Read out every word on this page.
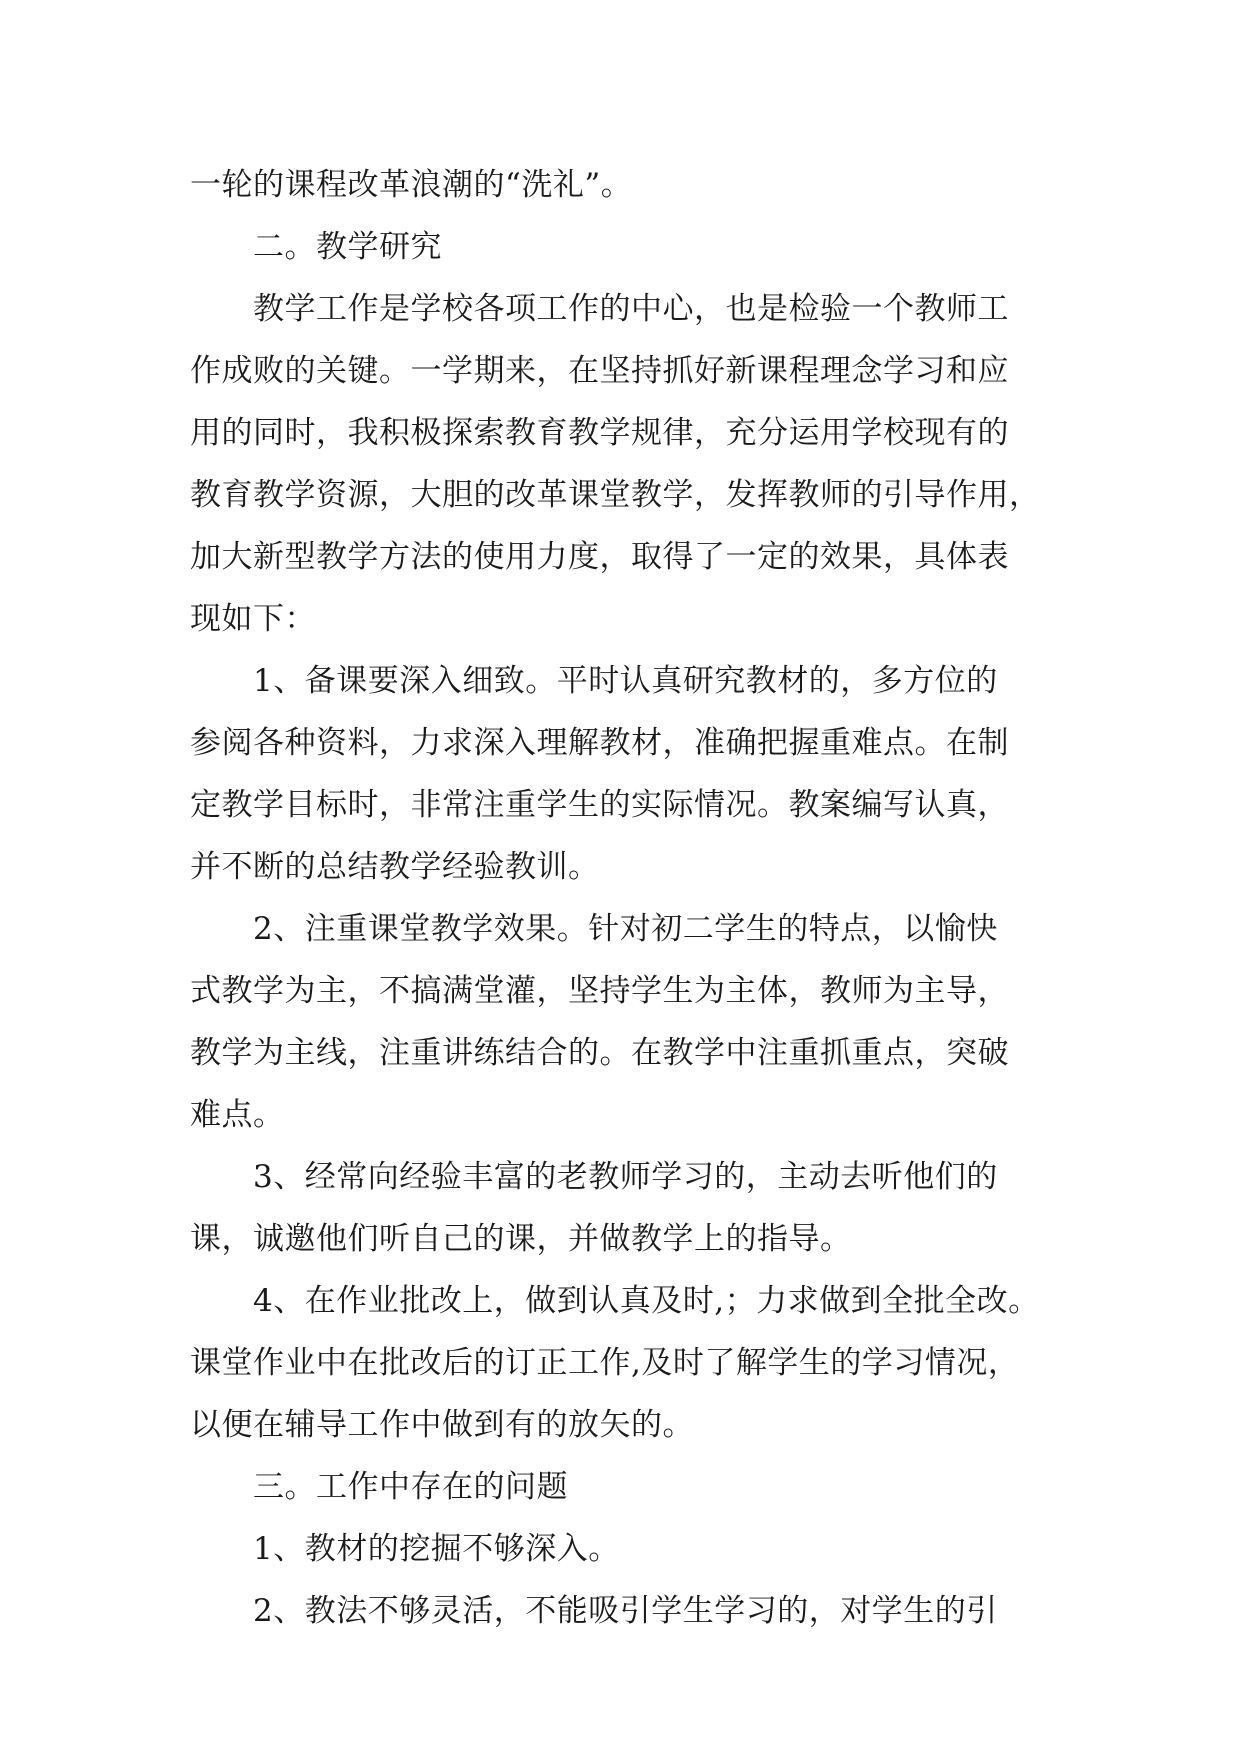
一轮的课程改革浪潮的“洗礼”。
二。教学研究
教学工作是学校各项工作的中心，也是检验一个教师工
作成败的关键。一学期来，在坚持抓好新课程理念学习和应
用的同时，我积极探索教育教学规律，充分运用学校现有的
教育教学资源，大胆的改革课堂教学，发挥教师的引导作用，
加大新型教学方法的使用力度，取得了一定的效果，具体表
现如下：
1、备课要深入细致。平时认真研究教材的，多方位的
参阅各种资料，力求深入理解教材，准确把握重难点。在制
定教学目标时，非常注重学生的实际情况。教案编写认真，
并不断的总结教学经验教训。
2、注重课堂教学效果。针对初二学生的特点，以愉快
式教学为主，不搞满堂灌，坚持学生为主体，教师为主导，
教学为主线，注重讲练结合的。在教学中注重抓重点，突破
难点。
3、经常向经验丰富的老教师学习的，主动去听他们的
课，诚邀他们听自己的课，并做教学上的指导。
4、在作业批改上，做到认真及时,；力求做到全批全改。
课堂作业中在批改后的订正工作,及时了解学生的学习情况，
以便在辅导工作中做到有的放矢的。
三。工作中存在的问题
1、教材的挖掘不够深入。
2、教法不够灵活，不能吸引学生学习的，对学生的引
